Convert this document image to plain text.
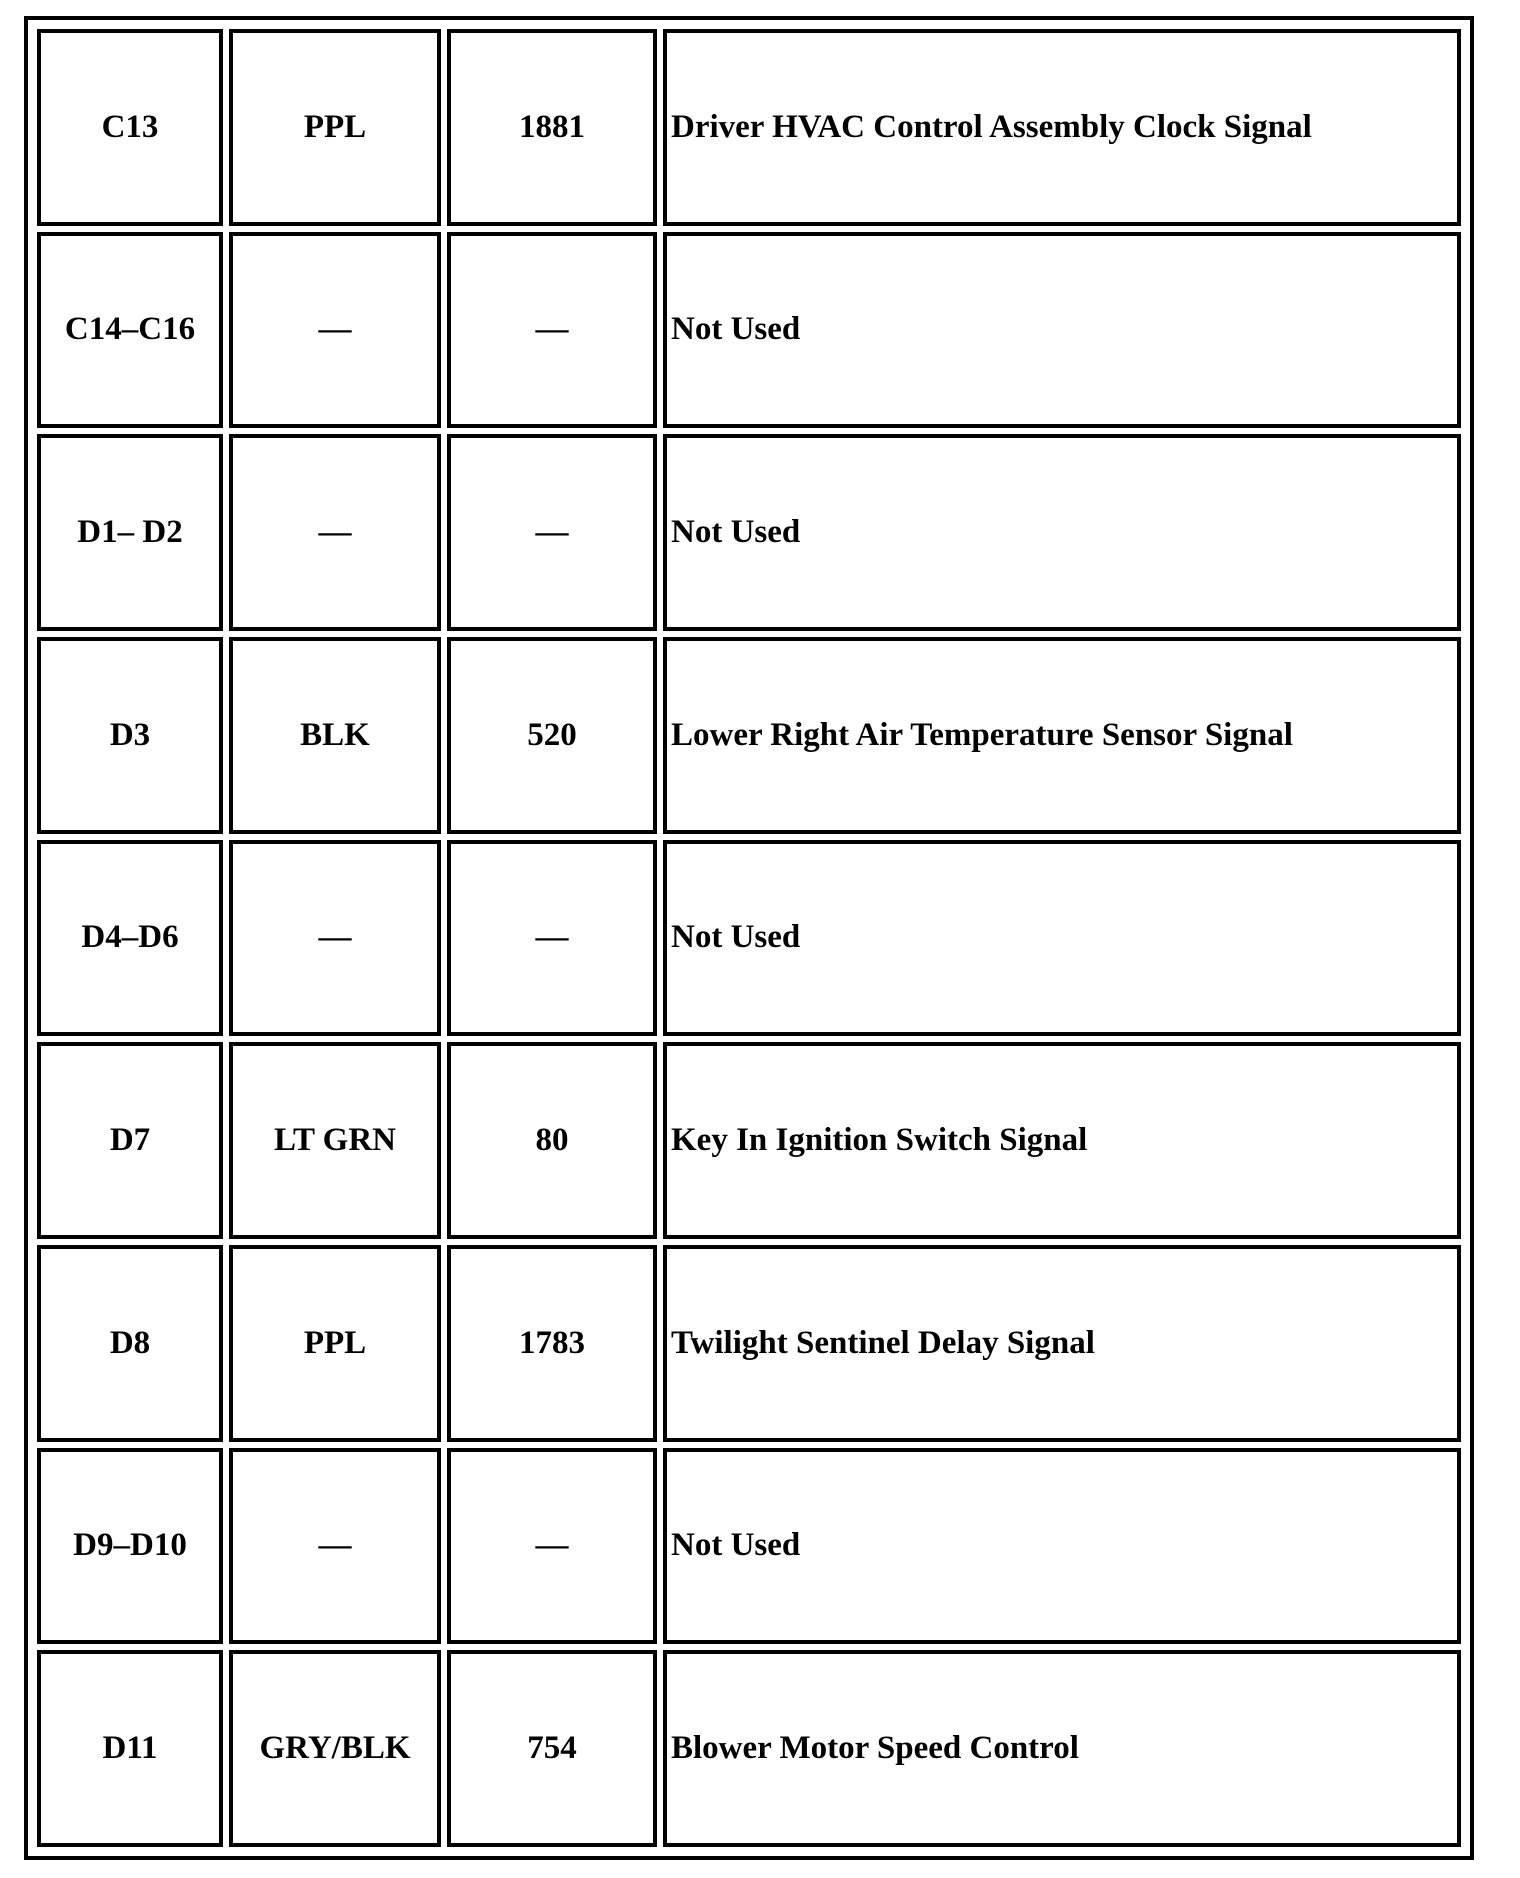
C13	PPL	1881	Driver HVAC Control Assembly Clock Signal
C14–C16	—	—	Not Used
D1– D2	—	—	Not Used
D3	BLK	520	Lower Right Air Temperature Sensor Signal
D4–D6	—	—	Not Used
D7	LT GRN	80	Key In Ignition Switch Signal
D8	PPL	1783	Twilight Sentinel Delay Signal
D9–D10	—	—	Not Used
D11	GRY/BLK	754	Blower Motor Speed Control
